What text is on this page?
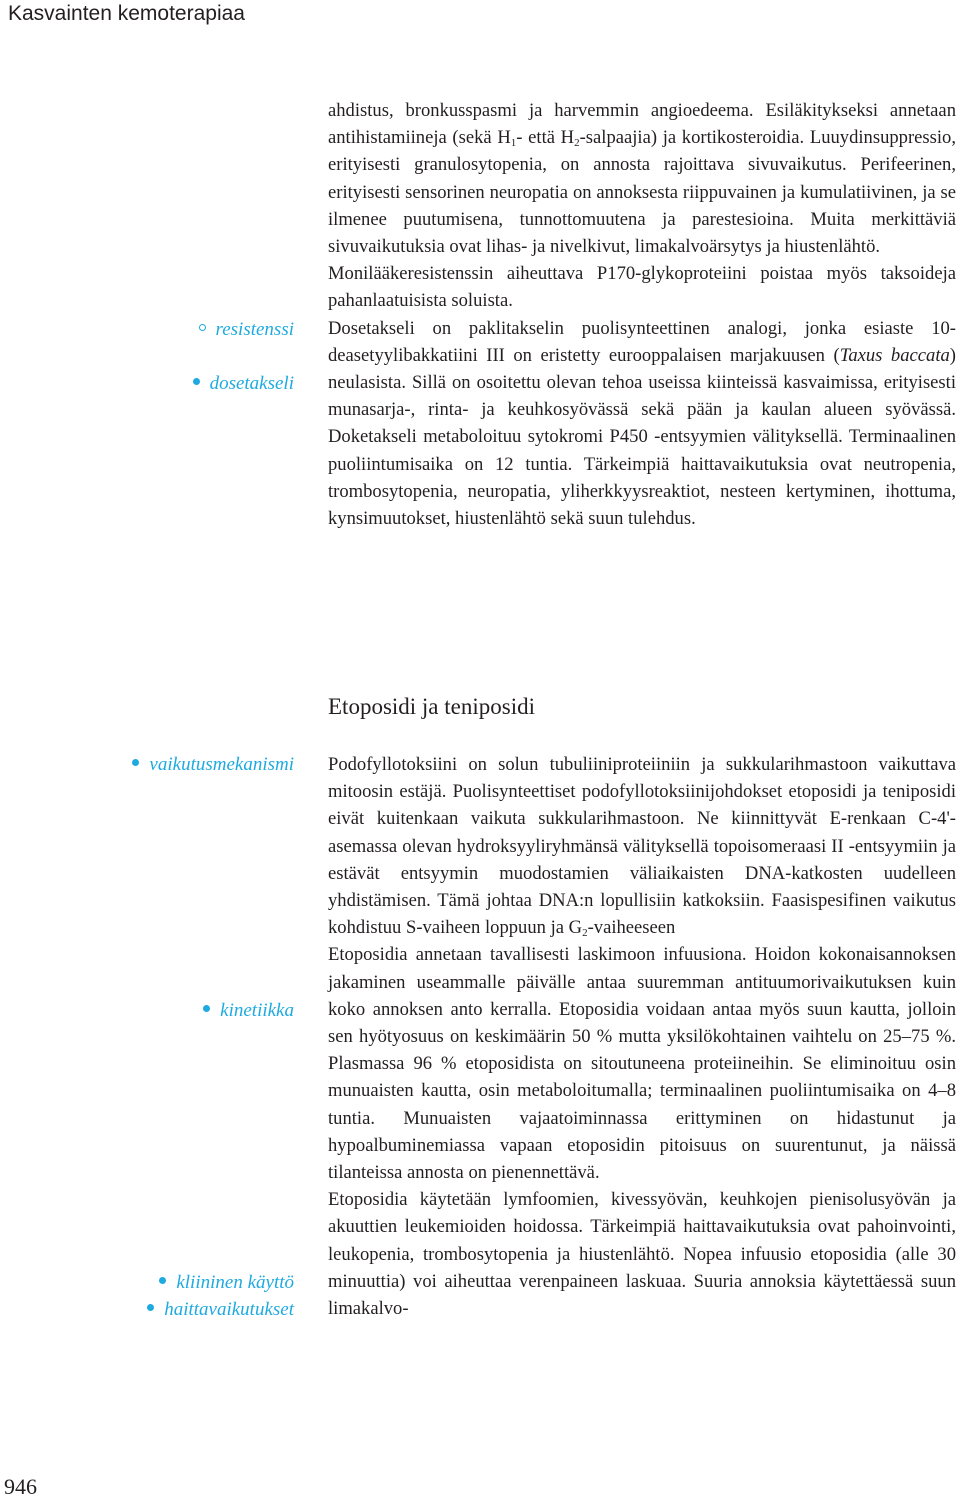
Kasvainten kemoterapiaa

ahdistus, bronkusspasmi ja harvemmin angioedeema. Esiläkitykseksi annetaan antihistamiineja (sekä $H_1-$ että $H_2-salpaajia$) ja kortikosteroidia. Luuydinsuppressio, erityisesti granulosytopenia, on annosta rajoittava sivuvaikutus. Perifeerinen, erityisesti sensorinen neuropatia on annoksesta riippuvainen ja kumulatiivinen, ja se ilmenee puutumisena, tunnottomuutena ja parestesioina. Muita merkittäviä sivuvaikutuksia ovat lihas- ja nivelkivut, limakalvoärsytys ja hiustenlähtö.

Monilääkeresistenssin aiheuttava P170-glykoproteiini poistaa myös taksoideja pahanlaatuisista soluista.

Dosetakseli on paklitakselin puolisynteettinen analogi, jonka esiaste 10-deasetyylibakkatiini III on eristetty eurooppalaisen marjakuusen (Taxus baccata) neulasista. Sillä on osoitettu olevan tehoa useissa kiinteissä kasvaimissa, erityisesti munasarja-, rinta- ja keuhkosyövässä sekä pään ja kaulan alueen syövässä. Doketakseli metaboloituu sytokromi P450 -entsyymien välityksellä. Terminaalinen puoliintumisaika on 12 tuntia. Tärkeimpiä haittavaikutuksia ovat neutropenia, trombosytopenia, neuropatia, yliherkkyysreaktiot, nesteen kertyminen, ihottuma, kynsimuutokset, hiustenlähtö sekä suun tulehdus.

Etoposidi ja teniposidi

Podofyllotoksiini on solun tubuliiniproteiiniin ja sukkularihmastoon vaikuttava mitoosin estäjä. Puolisynteettiset podofyllotoksiinijohdokset etoposidi ja teniposidi eivät kuitenkaan vaikuta sukkularihmastoon. Ne kiinnittyvät E-renkaan C-4'-asemassa olevan hydroksyyliryhmänsä välityksellä topoisomeraasi II -entsyymiin ja estävät entsyymin muodostamien väliaikaisten DNA-katkosten uudelleen yhdistämisen. Tämä johtaa DNA:n lopullisiin katkoksiin. Faasispesifinen vaikutus kohdistuu S-vaiheen loppuun ja $G_2$-vaiheeseen

Etoposidia annetaan tavallisesti laskimoon infuusiona. Hoidon kokonaisannoksen jakaminen useammalle päivälle antaa suuremman antituumorivaikutuksen kuin koko annoksen anto kerralla. Etoposidia voidaan antaa myös suun kautta, jolloin sen hyötyosuus on keskimäärin 50 % mutta yksilökohtainen vaihtelu on 25–75 %. Plasmassa 96 % etoposidista on sitoutuneena proteiineihin. Se eliminoituu osin munuaisten kautta, osin metaboloitumalla; terminaalinen puoliintumisaika on 4–8 tuntia. Munuaisten vajaatoiminnassa erittyminen on hidastunut ja hypoalbuminemiassa vapaan etoposidin pitoisuus on suurentunut, ja näissä tilanteissa annosta on pienennettävä.

Etoposidia käytetään lymfoomien, kivessyövän, keuhkojen pienisolusyövän ja akuuttien leukemioiden hoidossa. Tärkeimpiä haittavaikutuksia ovat pahoinvointi, leukopenia, trombosytopenia ja hiustenlähtö. Nopea infuusio etoposidia (alle 30 minuuttia) voi aiheuttaa verenpaineen laskuaa. Suuria annoksia käytettäessä suun limakalvo-

resistenssi
dosetakseli
vaikutusmekanismi
kinetiikka
kliininen käyttö
haittavaikutukset
946
